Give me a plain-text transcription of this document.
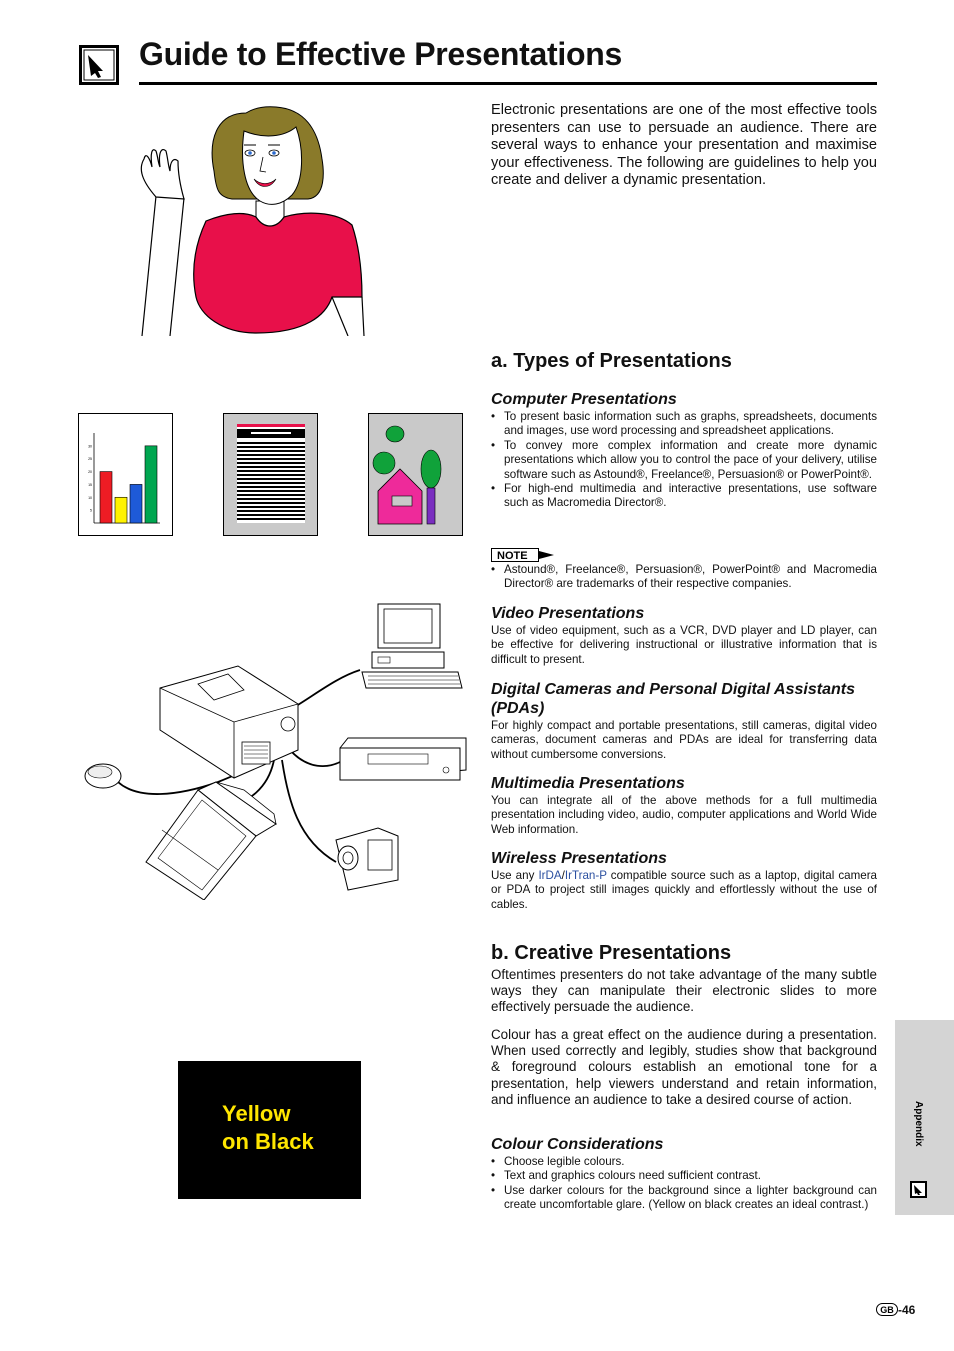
Guide to Effective Presentations
Electronic presentations are one of the most effective tools presenters can use to persuade an audience. There are several ways to enhance your presentation and maximise your effectiveness. The following are guidelines to help you create and deliver a dynamic presentation.
a. Types of Presentations
Computer Presentations
• To present basic information such as graphs, spreadsheets, documents and images, use word processing and spreadsheet applications.
• To convey more complex information and create more dynamic presentations which allow you to control the pace of your delivery, utilise software such as Astound®, Freelance®, Persuasion® or PowerPoint®.
• For high-end multimedia and interactive presentations, use software such as Macromedia Director®.
NOTE
• Astound®, Freelance®, Persuasion®, PowerPoint® and Macromedia Director® are trademarks of their respective companies.
Video Presentations
Use of video equipment, such as a VCR, DVD player and LD player, can be effective for delivering instructional or illustrative information that is difficult to present.
Digital Cameras and Personal Digital Assistants (PDAs)
For highly compact and portable presentations, still cameras, digital video cameras, document cameras and PDAs are ideal for transferring data without cumbersome conversions.
Multimedia Presentations
You can integrate all of the above methods for a full multimedia presentation including video, audio, computer applications and World Wide Web information.
Wireless Presentations
Use any IrDA/IrTran-P compatible source such as a laptop, digital camera or PDA to project still images quickly and effortlessly without the use of cables.
b. Creative Presentations
Oftentimes presenters do not take advantage of the many subtle ways they can manipulate their electronic slides to more effectively persuade the audience.
Colour has a great effect on the audience during a presentation. When used correctly and legibly, studies show that background & foreground colours establish an emotional tone for a presentation, help viewers understand and retain information, and influence an audience to take a desired course of action.
Colour Considerations
• Choose legible colours.
• Text and graphics colours need sufficient contrast.
• Use darker colours for the background since a lighter background can create uncomfortable glare. (Yellow on black creates an ideal contrast.)
5
10
15
20
25
30
Yellow
on Black	Appendix
GB -46
